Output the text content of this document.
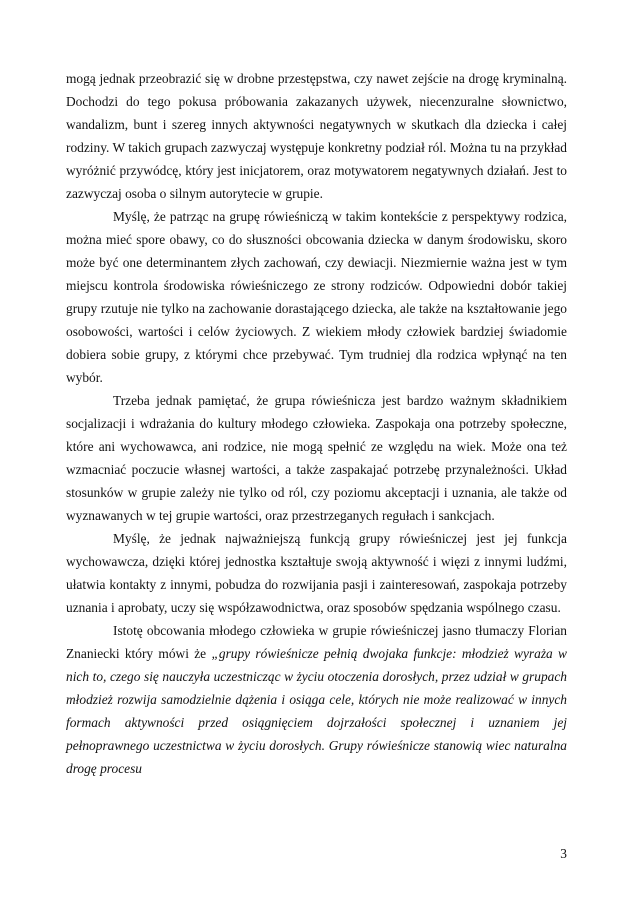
mogą jednak przeobrazić się w drobne przestępstwa, czy nawet zejście na drogę kryminalną. Dochodzi do tego pokusa próbowania zakazanych używek, niecenzuralne słownictwo, wandalizm, bunt i szereg innych aktywności negatywnych w skutkach dla dziecka i całej rodziny. W takich grupach zazwyczaj występuje konkretny podział ról. Można tu na przykład wyróżnić przywódcę, który jest inicjatorem, oraz motywatorem negatywnych działań. Jest to zazwyczaj osoba o silnym autorytecie w grupie.

Myślę, że patrząc na grupę rówieśniczą w takim kontekście z perspektywy rodzica, można mieć spore obawy, co do słuszności obcowania dziecka w danym środowisku, skoro może być one determinantem złych zachowań, czy dewiacji. Niezmiernie ważna jest w tym miejscu kontrola środowiska rówieśniczego ze strony rodziców. Odpowiedni dobór takiej grupy rzutuje nie tylko na zachowanie dorastającego dziecka, ale także na kształtowanie jego osobowości, wartości i celów życiowych. Z wiekiem młody człowiek bardziej świadomie dobiera sobie grupy, z którymi chce przebywać. Tym trudniej dla rodzica wpłynąć na ten wybór.

Trzeba jednak pamiętać, że grupa rówieśnicza jest bardzo ważnym składnikiem socjalizacji i wdrażania do kultury młodego człowieka. Zaspokaja ona potrzeby społeczne, które ani wychowawca, ani rodzice, nie mogą spełnić ze względu na wiek. Może ona też wzmacniać poczucie własnej wartości, a także zaspakajać potrzebę przynależności. Układ stosunków w grupie zależy nie tylko od ról, czy poziomu akceptacji i uznania, ale także od wyznawanych w tej grupie wartości, oraz przestrzeganych regułach i sankcjach.

Myślę, że jednak najważniejszą funkcją grupy rówieśniczej jest jej funkcja wychowawcza, dzięki której jednostka kształtuje swoją aktywność i więzi z innymi ludźmi, ułatwia kontakty z innymi, pobudza do rozwijania pasji i zainteresowań, zaspokaja potrzeby uznania i aprobaty, uczy się współzawodnictwa, oraz sposobów spędzania wspólnego czasu.

Istotę obcowania młodego człowieka w grupie rówieśniczej jasno tłumaczy Florian Znaniecki który mówi że „grupy rówieśnicze pełnią dwojaka funkcje: młodzież wyraża w nich to, czego się nauczyła uczestnicząc w życiu otoczenia dorosłych, przez udział w grupach młodzież rozwija samodzielnie dążenia i osiąga cele, których nie może realizować w innych formach aktywności przed osiągnięciem dojrzałości społecznej i uznaniem jej pełnoprawnego uczestnictwa w życiu dorosłych. Grupy rówieśnicze stanowią wiec naturalna drogę procesu

3
